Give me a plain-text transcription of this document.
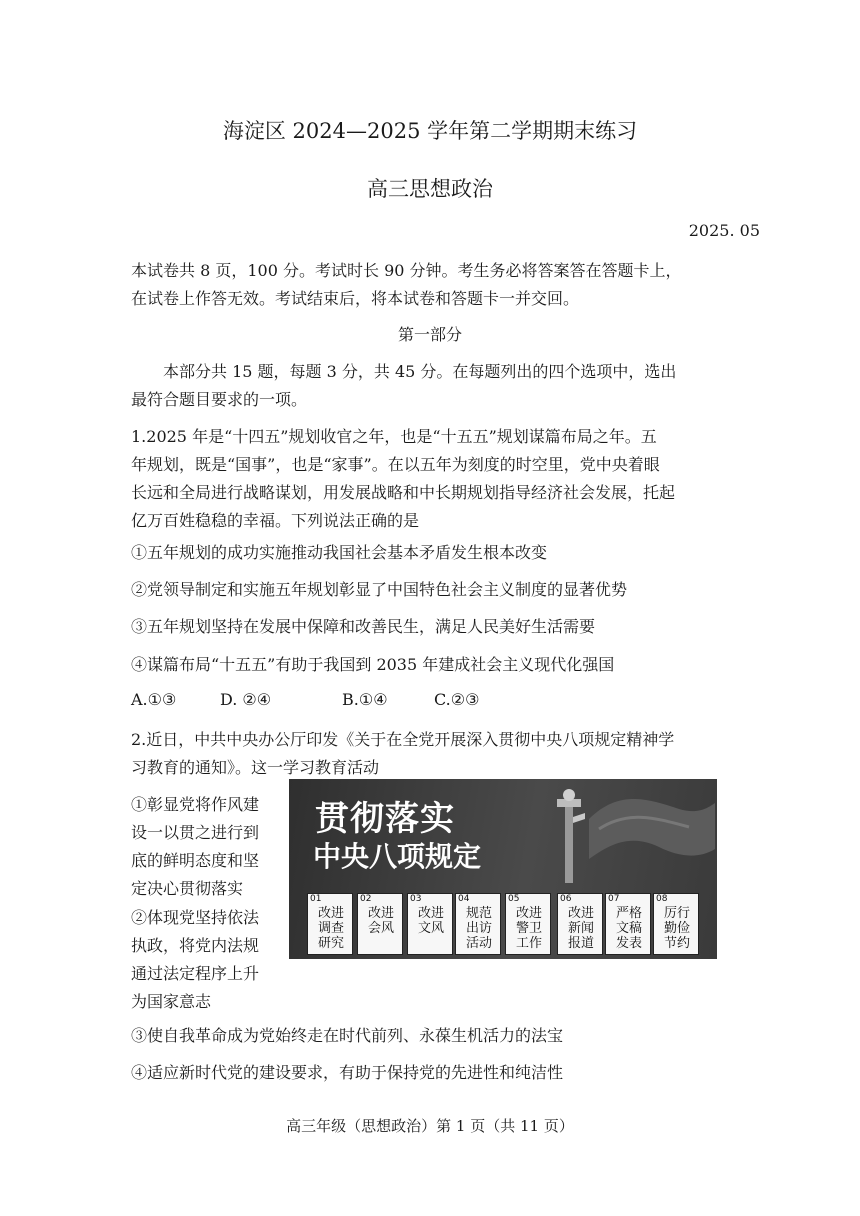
海淀区 2024—2025 学年第二学期期末练习
高三思想政治
2025. 05
本试卷共 8 页，100 分。考试时长 90 分钟。考生务必将答案答在答题卡上，
在试卷上作答无效。考试结束后，将本试卷和答题卡一并交回。
第一部分
本部分共 15 题，每题 3 分，共 45 分。在每题列出的四个选项中，选出
最符合题目要求的一项。
1.2025 年是“十四五”规划收官之年，也是“十五五”规划谋篇布局之年。五
年规划，既是“国事”，也是“家事”。在以五年为刻度的时空里，党中央着眼
长远和全局进行战略谋划，用发展战略和中长期规划指导经济社会发展，托起
亿万百姓稳稳的幸福。下列说法正确的是
①五年规划的成功实施推动我国社会基本矛盾发生根本改变
②党领导制定和实施五年规划彰显了中国特色社会主义制度的显著优势
③五年规划坚持在发展中保障和改善民生，满足人民美好生活需要
④谋篇布局“十五五”有助于我国到 2035 年建成社会主义现代化强国
A.①③	D. ②④	B.①④	C.②③
2.近日，中共中央办公厅印发《关于在全党开展深入贯彻中央八项规定精神学
习教育的通知》。这一学习教育活动
①彰显党将作风建
设一以贯之进行到
底的鲜明态度和坚
定决心贯彻落实
②体现党坚持依法
执政，将党内法规
通过法定程序上升
为国家意志
贯彻落实
中央八项规定
01
改进调查研究
02
改进会风
03
改进文风
04
规范出访活动
05
改进警卫工作
06
改进新闻报道
07
严格文稿发表
08
厉行勤俭节约
③使自我革命成为党始终走在时代前列、永葆生机活力的法宝
④适应新时代党的建设要求，有助于保持党的先进性和纯洁性
高三年级（思想政治）第 1 页（共 11 页）
